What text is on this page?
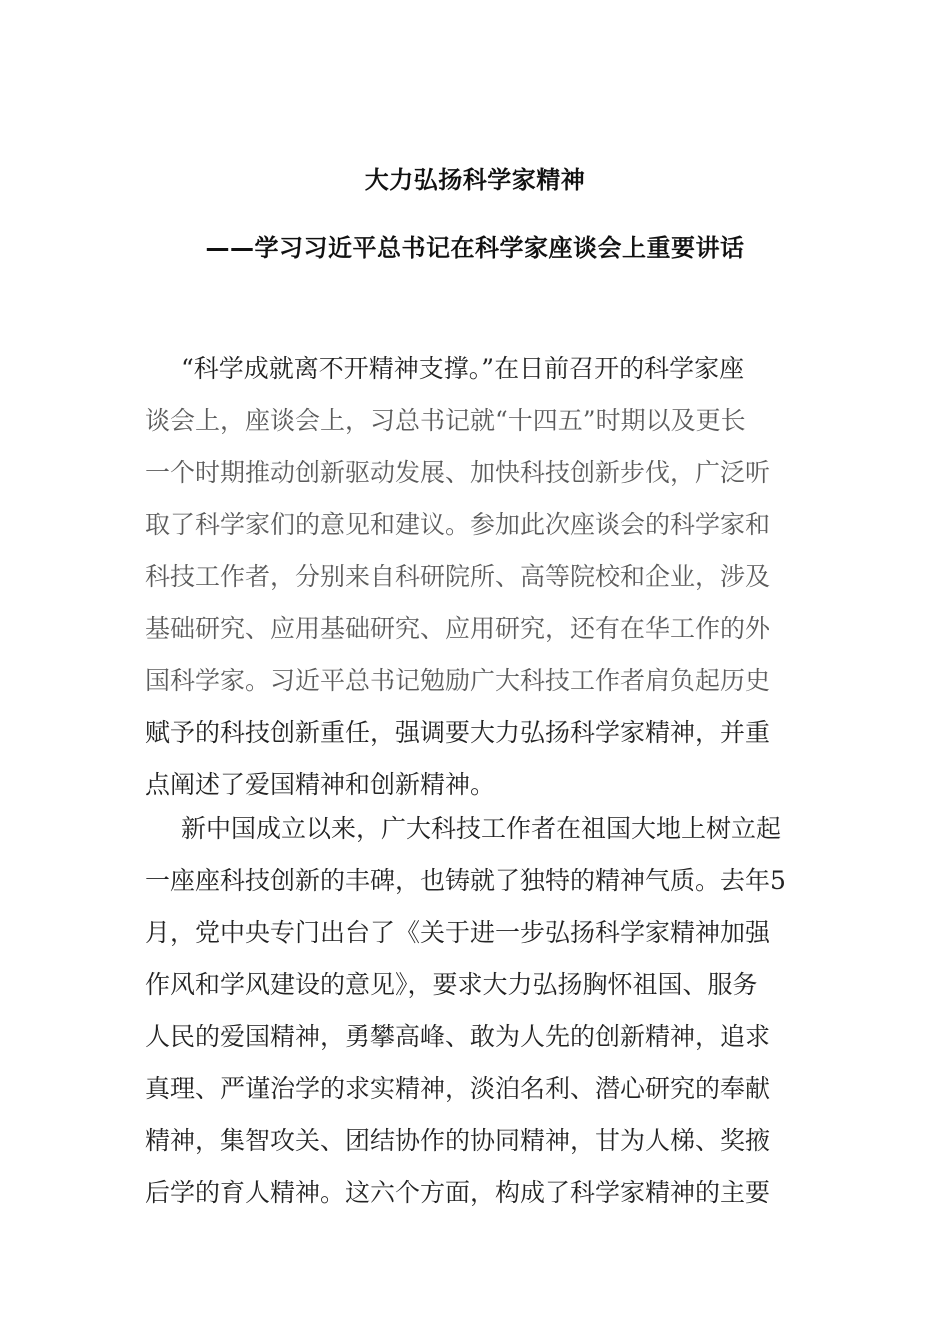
大力弘扬科学家精神
——学习习近平总书记在科学家座谈会上重要讲话
“科学成就离不开精神支撑。”在日前召开的科学家座
谈会上，座谈会上，习总书记就“十四五”时期以及更长
一个时期推动创新驱动发展、加快科技创新步伐，广泛听
取了科学家们的意见和建议。参加此次座谈会的科学家和
科技工作者，分别来自科研院所、高等院校和企业，涉及
基础研究、应用基础研究、应用研究，还有在华工作的外
国科学家。习近平总书记勉励广大科技工作者肩负起历史
赋予的科技创新重任，强调要大力弘扬科学家精神，并重
点阐述了爱国精神和创新精神。
新中国成立以来，广大科技工作者在祖国大地上树立起
一座座科技创新的丰碑，也铸就了独特的精神气质。去年5
月，党中央专门出台了《关于进一步弘扬科学家精神加强
作风和学风建设的意见》，要求大力弘扬胸怀祖国、服务
人民的爱国精神，勇攀高峰、敢为人先的创新精神，追求
真理、严谨治学的求实精神，淡泊名利、潜心研究的奉献
精神，集智攻关、团结协作的协同精神，甘为人梯、奖掖
后学的育人精神。这六个方面，构成了科学家精神的主要
